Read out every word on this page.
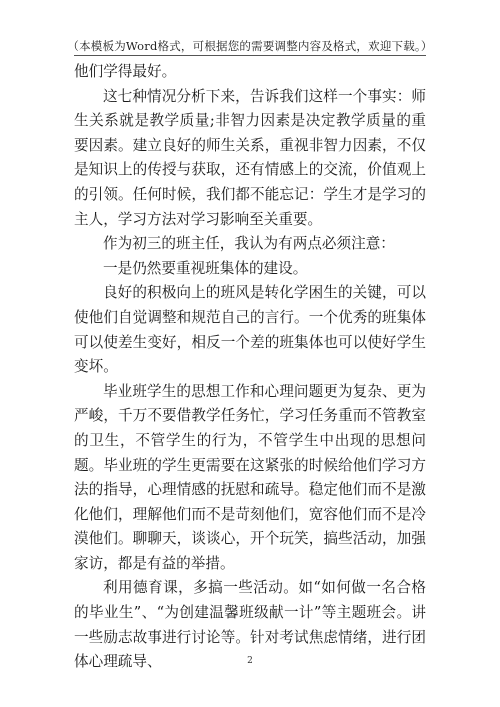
（本模板为Word格式，可根据您的需要调整内容及格式，欢迎下载。）

他们学得最好。

这七种情况分析下来，告诉我们这样一个事实：师生关系就是教学质量;非智力因素是决定教学质量的重要因素。建立良好的师生关系，重视非智力因素，不仅是知识上的传授与获取，还有情感上的交流，价值观上的引领。任何时候，我们都不能忘记：学生才是学习的主人，学习方法对学习影响至关重要。

作为初三的班主任，我认为有两点必须注意：

一是仍然要重视班集体的建设。

良好的积极向上的班风是转化学困生的关键，可以使他们自觉调整和规范自己的言行。一个优秀的班集体可以使差生变好，相反一个差的班集体也可以使好学生变坏。

毕业班学生的思想工作和心理问题更为复杂、更为严峻，千万不要借教学任务忙，学习任务重而不管教室的卫生，不管学生的行为，不管学生中出现的思想问题。毕业班的学生更需要在这紧张的时候给他们学习方法的指导，心理情感的抚慰和疏导。稳定他们而不是激化他们，理解他们而不是苛刻他们，宽容他们而不是冷漠他们。聊聊天，谈谈心，开个玩笑，搞些活动，加强家访，都是有益的举措。

利用德育课，多搞一些活动。如“如何做一名合格的毕业生”、“为创建温馨班级献一计”等主题班会。讲一些励志故事进行讨论等。针对考试焦虑情绪，进行团体心理疏导、	2
